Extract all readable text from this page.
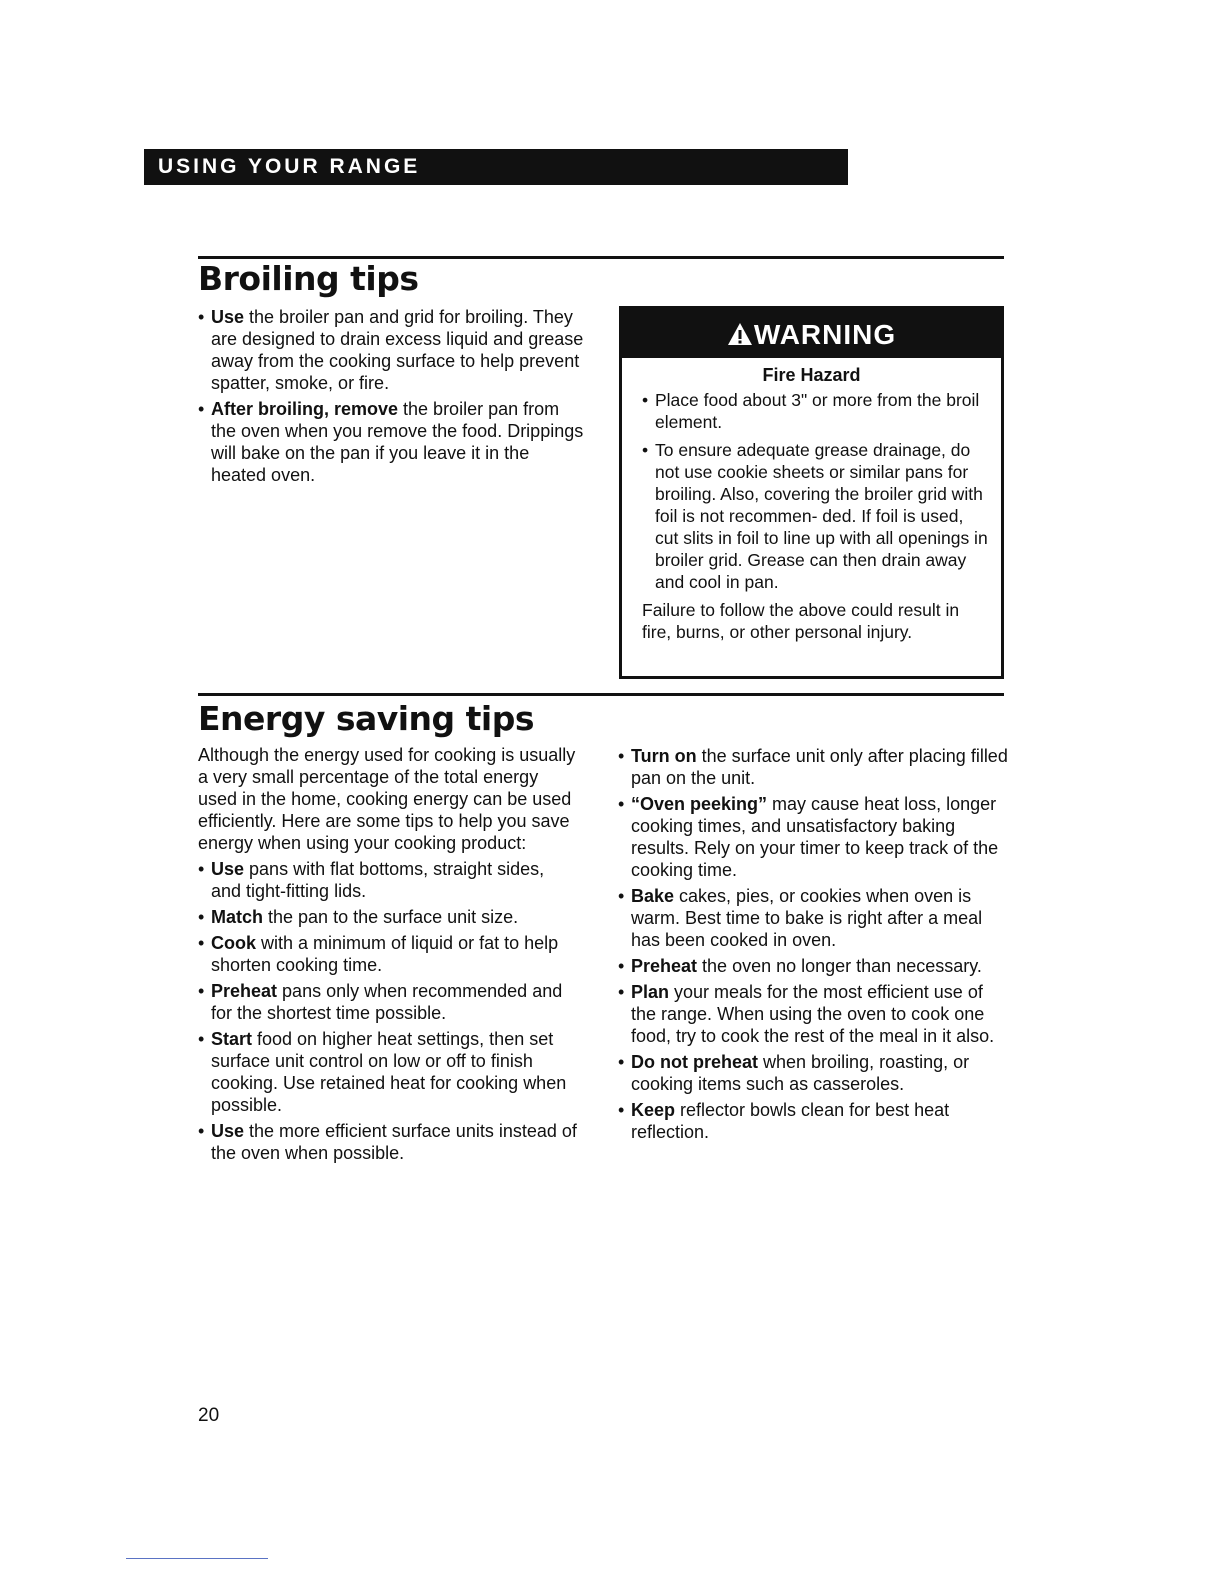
USING YOUR RANGE
Broiling tips
• Use the broiler pan and grid for broiling. They are designed to drain excess liquid and grease away from the cooking surface to help prevent spatter, smoke, or fire.
• After broiling, remove the broiler pan from the oven when you remove the food. Drippings will bake on the pan if you leave it in the heated oven.
WARNING
Fire Hazard
• Place food about 3" or more from the broil element.
• To ensure adequate grease drainage, do not use cookie sheets or similar pans for broiling. Also, covering the broiler grid with foil is not recommen- ded. If foil is used, cut slits in foil to line up with all openings in broiler grid. Grease can then drain away and cool in pan.

Failure to follow the above could result in fire, burns, or other personal injury.

Energy saving tips

Although the energy used for cooking is usually a very small percentage of the total energy used in the home, cooking energy can be used efficiently. Here are some tips to help you save energy when using your cooking product:

• Use pans with flat bottoms, straight sides, and tight-fitting lids.
• Match the pan to the surface unit size.
• Cook with a minimum of liquid or fat to help shorten cooking time.
• Preheat pans only when recommended and for the shortest time possible.
• Start food on higher heat settings, then set surface unit control on low or off to finish cooking. Use retained heat for cooking when possible.
• Use the more efficient surface units instead of the oven when possible.
• Turn on the surface unit only after placing filled pan on the unit.
• “Oven peeking” may cause heat loss, longer cooking times, and unsatisfactory baking results. Rely on your timer to keep track of the cooking time.
• Bake cakes, pies, or cookies when oven is warm. Best time to bake is right after a meal has been cooked in oven.
• Preheat the oven no longer than necessary.
• Plan your meals for the most efficient use of the range. When using the oven to cook one food, try to cook the rest of the meal in it also.
• Do not preheat when broiling, roasting, or cooking items such as casseroles.
• Keep reflector bowls clean for best heat reflection.
20
